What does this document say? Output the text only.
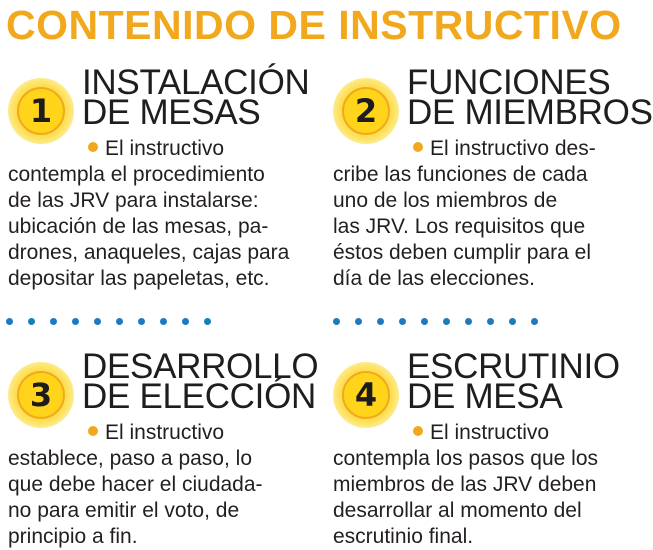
CONTENIDO DE INSTRUCTIVO
1
INSTALACIÓN
DE MESAS
El instructivo
contempla el procedimiento
de las JRV para instalarse:
ubicación de las mesas, pa-
drones, anaqueles, cajas para
depositar las papeletas, etc.
2
FUNCIONES
DE MIEMBROS
El instructivo des-
cribe las funciones de cada
uno de los miembros de
las JRV. Los requisitos que
éstos deben cumplir para el
día de las elecciones.
3
DESARROLLO
DE ELECCIÓN
El instructivo
establece, paso a paso, lo
que debe hacer el ciudada-
no para emitir el voto, de
principio a fin.
4
ESCRUTINIO
DE MESA
El instructivo
contempla los pasos que los
miembros de las JRV deben
desarrollar al momento del
escrutinio final.
